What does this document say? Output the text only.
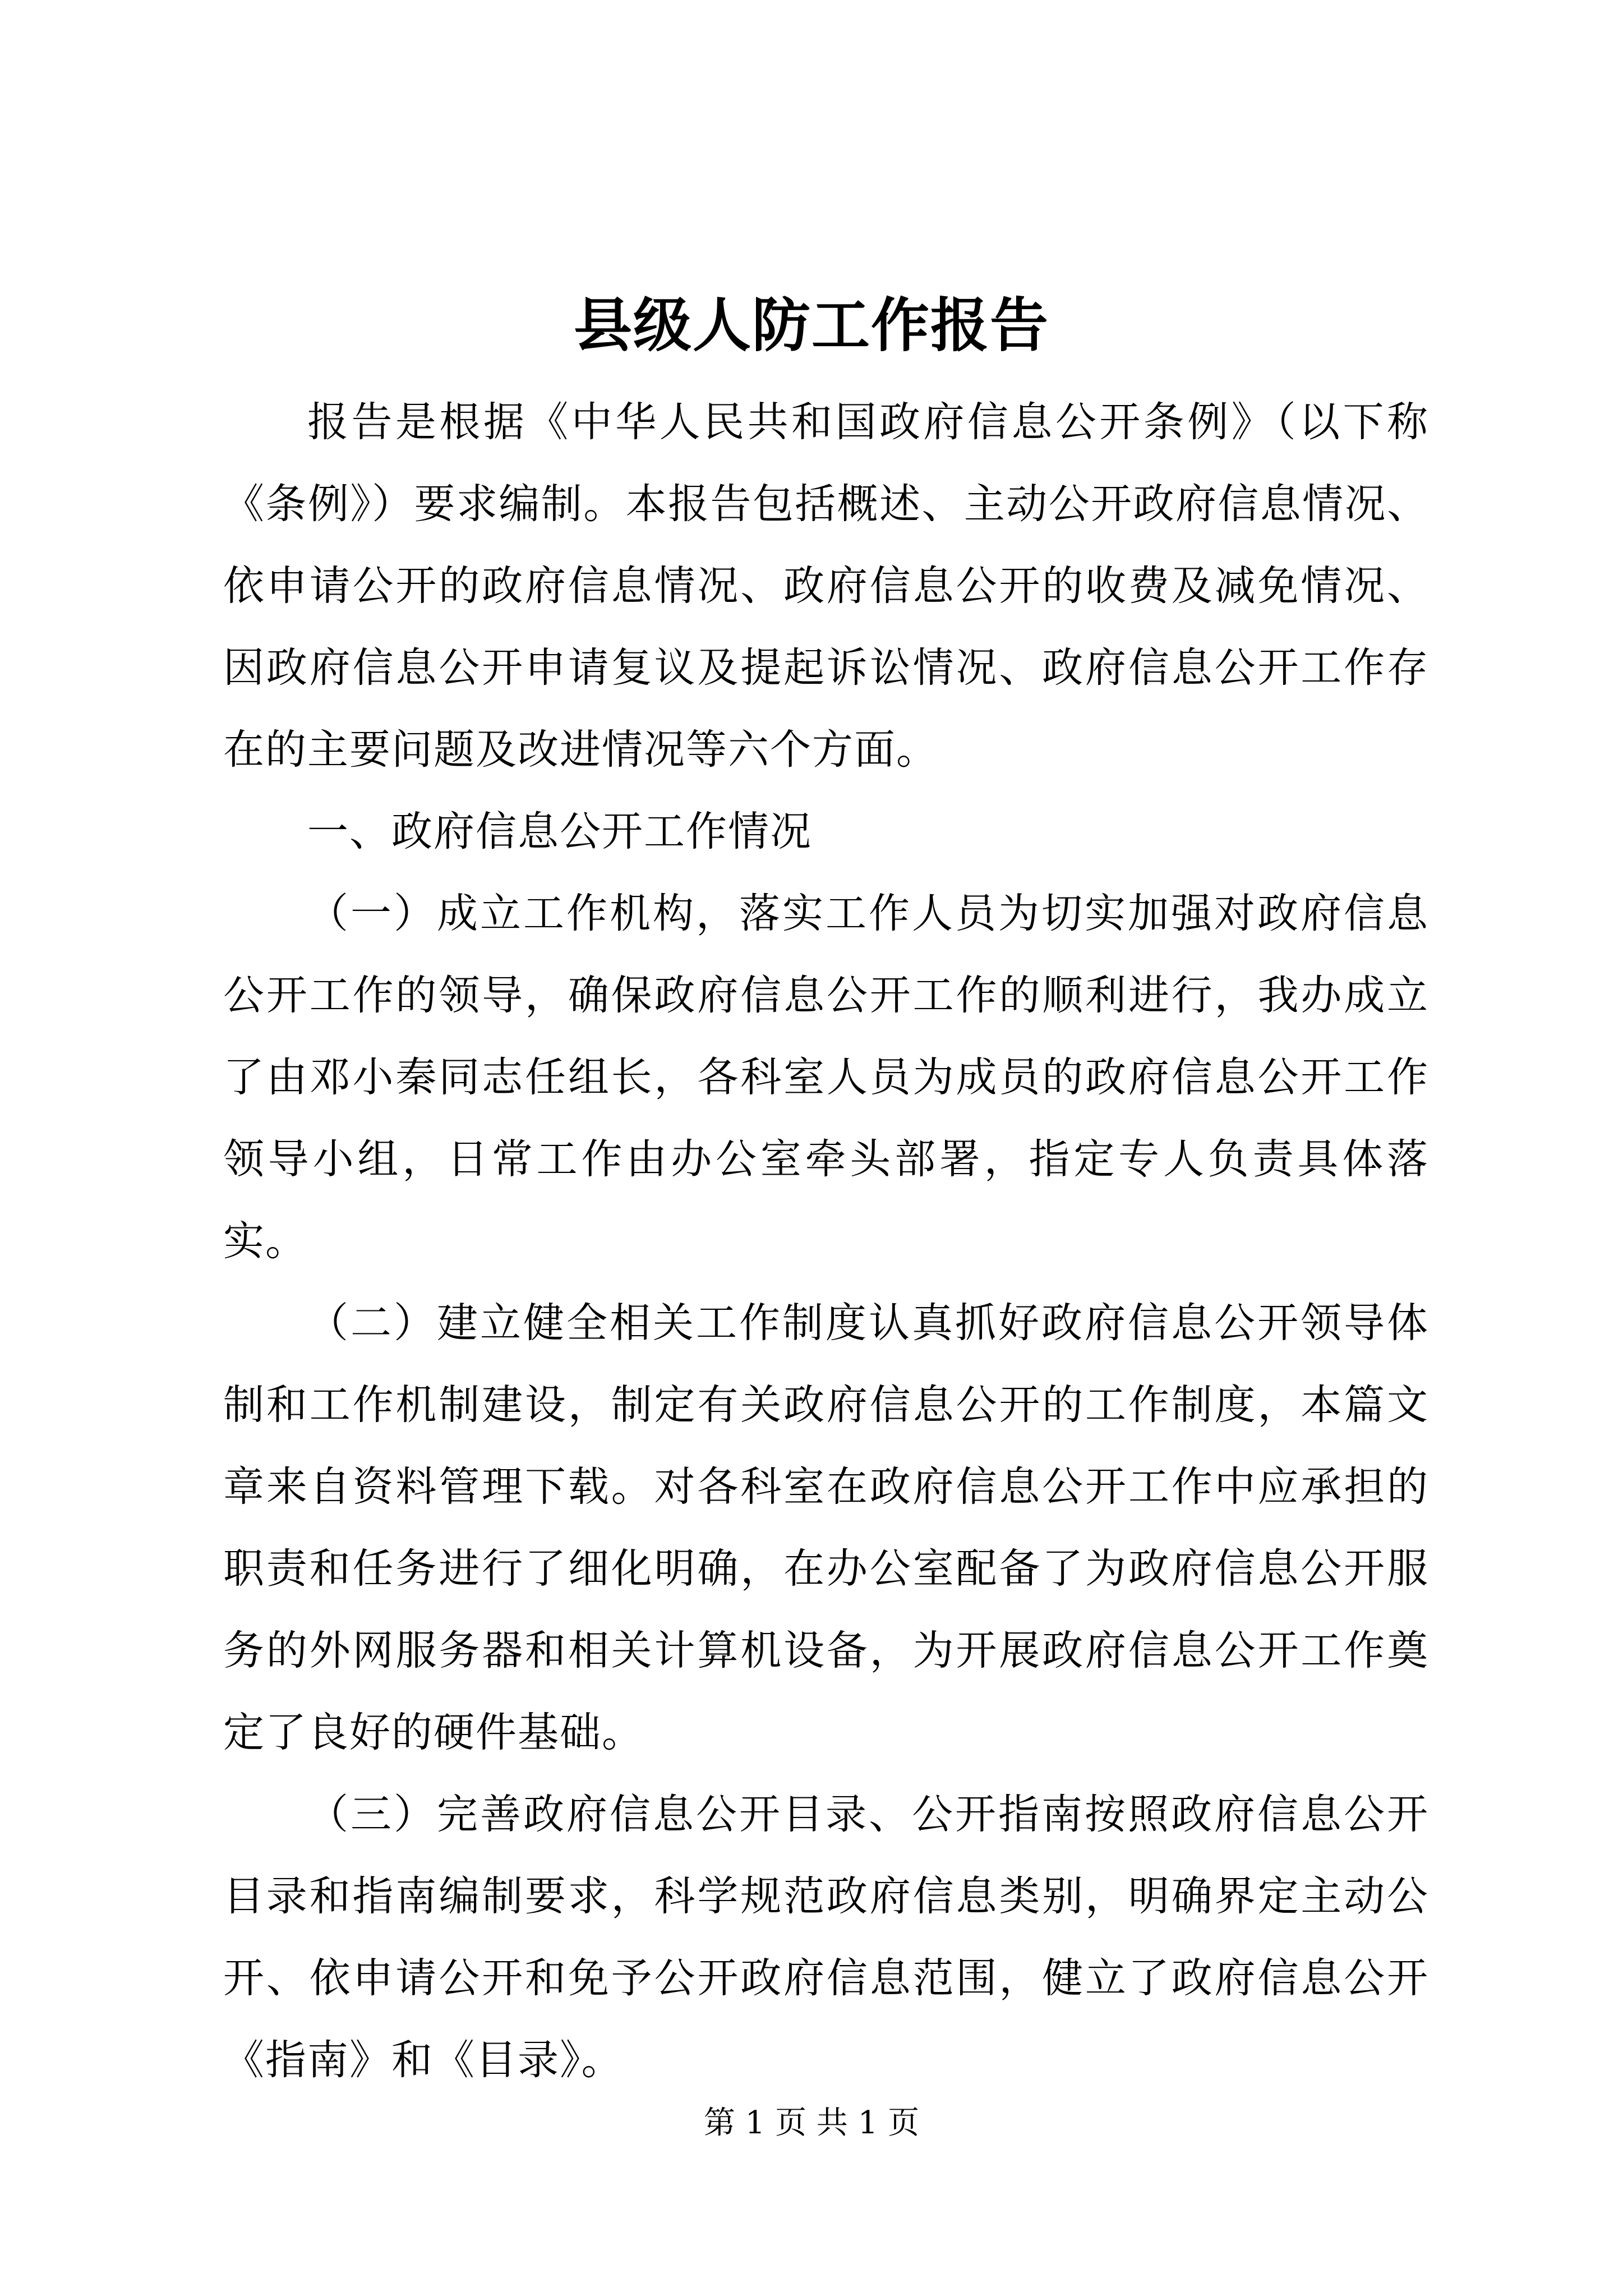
县级人防工作报告

报告是根据《中华人民共和国政府信息公开条例》（以下称《条例》）要求编制。本报告包括概述、主动公开政府信息情况、依申请公开的政府信息情况、政府信息公开的收费及减免情况、因政府信息公开申请复议及提起诉讼情况、政府信息公开工作存在的主要问题及改进情况等六个方面。

一、政府信息公开工作情况

（一）成立工作机构，落实工作人员为切实加强对政府信息公开工作的领导，确保政府信息公开工作的顺利进行，我办成立了由邓小秦同志任组长，各科室人员为成员的政府信息公开工作领导小组，日常工作由办公室牵头部署，指定专人负责具体落实。

（二）建立健全相关工作制度认真抓好政府信息公开领导体制和工作机制建设，制定有关政府信息公开的工作制度，本篇文章来自资料管理下载。对各科室在政府信息公开工作中应承担的职责和任务进行了细化明确，在办公室配备了为政府信息公开服务的外网服务器和相关计算机设备，为开展政府信息公开工作奠定了良好的硬件基础。

（三）完善政府信息公开目录、公开指南按照政府信息公开目录和指南编制要求，科学规范政府信息类别，明确界定主动公开、依申请公开和免予公开政府信息范围，健立了政府信息公开《指南》和《目录》。

第 1 页 共 1 页
